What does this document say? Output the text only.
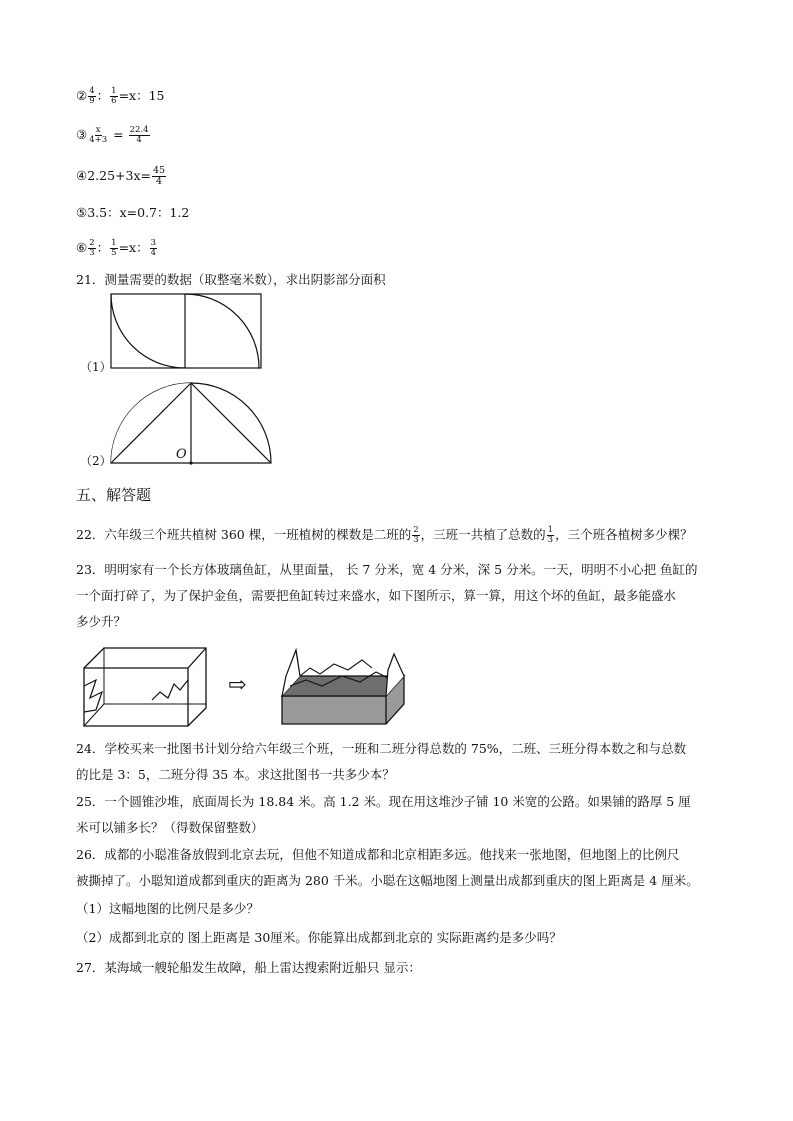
② $\frac{4}{9}$ ： $\frac{1}{6} =x$：15
③ $\frac{x}{4+3} = \frac{22.4}{4}$
④2.25+3x= $\frac{45}{4}$
⑤3.5：x=0.7：1.2
⑥ $\frac{2}{3}$ ： $\frac{1}{5} =x$： $\frac{3}{4}$
21．测量需要的数据（取整毫米数），求出阴影部分面积
（1）
（2）	O
五、解答题
22．六年级三个班共植树 360 棵，一班植树的棵数是二班的 $\frac{2}{3}$ ，三班一共植了总数的 $\frac{1}{3}$ ，三个班各植树多少棵？
23．明明家有一个长方体玻璃鱼缸，从里面量， 长 7 分米，宽 4 分米，深 5 分米。一天，明明不小心把 鱼缸的
一个面打碎了，为了保护金鱼，需要把鱼缸转过来盛水，如下图所示，算一算，用这个坏的鱼缸，最多能盛水
多少升？
⇨
24．学校买来一批图书计划分给六年级三个班，一班和二班分得总数的 75%，二班、三班分得本数之和与总数
的比是 3：5，二班分得 35 本。求这批图书一共多少本？
25．一个圆锥沙堆，底面周长为 18.84 米。高 1.2 米。现在用这堆沙子铺 10 米宽的公路。如果铺的路厚 5 厘
米可以铺多长？（得数保留整数）
26．成都的小聪准备放假到北京去玩，但他不知道成都和北京相距多远。他找来一张地图，但地图上的比例尺
被撕掉了。小聪知道成都到重庆的距离为 280 千米。小聪在这幅地图上测量出成都到重庆的图上距离是 4 厘米。
（1）这幅地图的比例尺是多少？
（2）成都到北京的 图上距离是 30厘米。你能算出成都到北京的 实际距离约是多少吗？
27．某海域一艘轮船发生故障，船上雷达搜索附近船只 显示：
